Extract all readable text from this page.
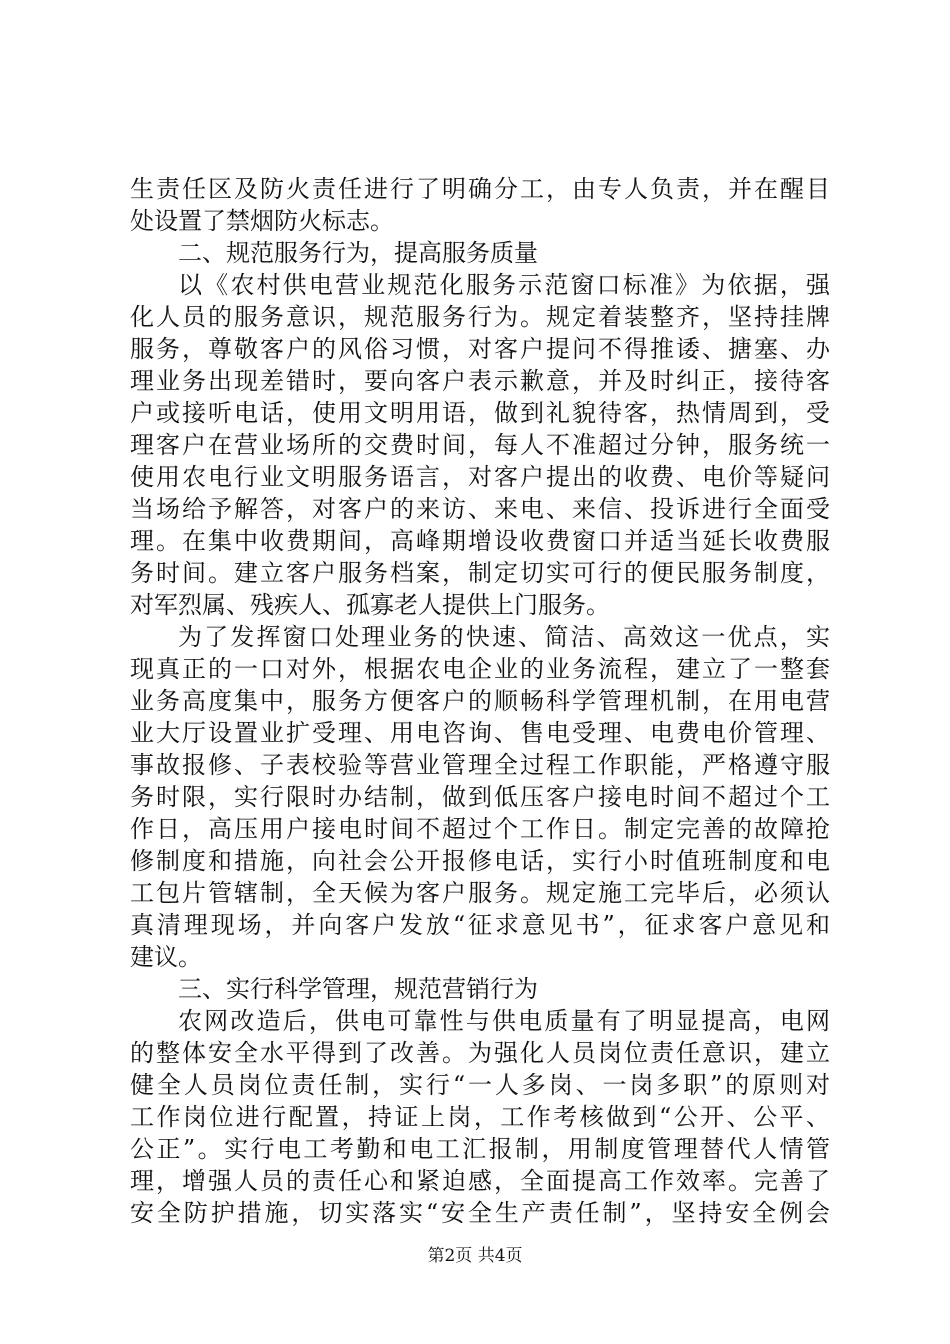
生责任区及防火责任进行了明确分工，由专人负责，并在醒目
处设置了禁烟防火标志。
二、规范服务行为，提高服务质量
以《农村供电营业规范化服务示范窗口标准》为依据，强
化人员的服务意识，规范服务行为。规定着装整齐，坚持挂牌
服务，尊敬客户的风俗习惯，对客户提问不得推诿、搪塞、办
理业务出现差错时，要向客户表示歉意，并及时纠正，接待客
户或接听电话，使用文明用语，做到礼貌待客，热情周到，受
理客户在营业场所的交费时间，每人不准超过分钟，服务统一
使用农电行业文明服务语言，对客户提出的收费、电价等疑问
当场给予解答，对客户的来访、来电、来信、投诉进行全面受
理。在集中收费期间，高峰期增设收费窗口并适当延长收费服
务时间。建立客户服务档案，制定切实可行的便民服务制度，
对军烈属、残疾人、孤寡老人提供上门服务。
为了发挥窗口处理业务的快速、简洁、高效这一优点，实
现真正的一口对外，根据农电企业的业务流程，建立了一整套
业务高度集中，服务方便客户的顺畅科学管理机制，在用电营
业大厅设置业扩受理、用电咨询、售电受理、电费电价管理、
事故报修、子表校验等营业管理全过程工作职能，严格遵守服
务时限，实行限时办结制，做到低压客户接电时间不超过个工
作日，高压用户接电时间不超过个工作日。制定完善的故障抢
修制度和措施，向社会公开报修电话，实行小时值班制度和电
工包片管辖制，全天候为客户服务。规定施工完毕后，必须认
真清理现场，并向客户发放“征求意见书”，征求客户意见和
建议。
三、实行科学管理，规范营销行为
农网改造后，供电可靠性与供电质量有了明显提高，电网
的整体安全水平得到了改善。为强化人员岗位责任意识，建立
健全人员岗位责任制，实行“一人多岗、一岗多职”的原则对
工作岗位进行配置，持证上岗，工作考核做到“公开、公平、
公正”。实行电工考勤和电工汇报制，用制度管理替代人情管
理，增强人员的责任心和紧迫感，全面提高工作效率。完善了
安全防护措施，切实落实“安全生产责任制”，坚持安全例会
第2页 共4页
